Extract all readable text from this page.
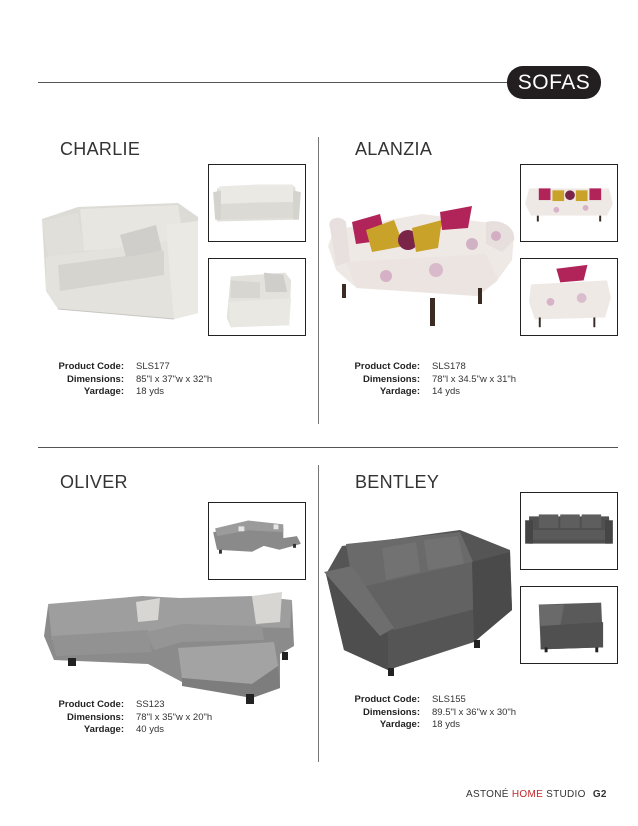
SOFAS
CHARLIE
Product Code:	SLS177
Dimensions:	85"l x 37"w x 32"h
Yardage:	18 yds
ALANZIA
Product Code:	SLS178
Dimensions:	78"l x 34.5"w x 31"h
Yardage:	14 yds
OLIVER
Product Code:	SS123
Dimensions:	78"l x 35"w x 20"h
Yardage:	40 yds
BENTLEY
Product Code:	SLS155
Dimensions:	89.5"l x 36"w x 30"h
Yardage:	18 yds
ASTONÉ HOME STUDIO G2
